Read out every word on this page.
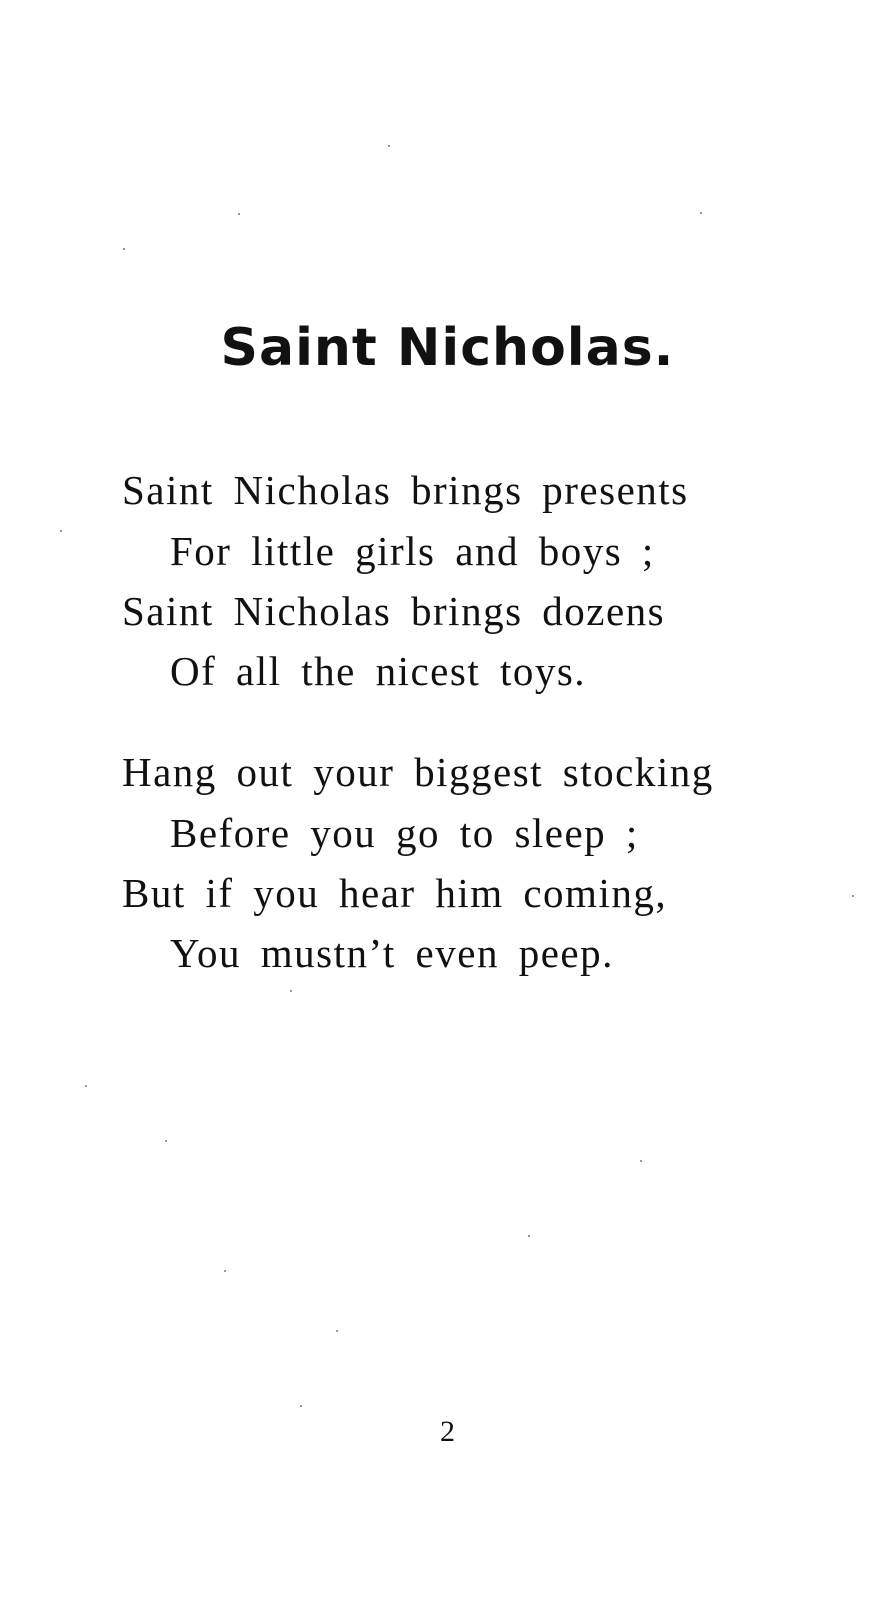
Saint Nicholas.
Saint Nicholas brings presents
For little girls and boys ;
Saint Nicholas brings dozens
Of all the nicest toys.
Hang out your biggest stocking
Before you go to sleep ;
But if you hear him coming,
You mustn’t even peep.
2
